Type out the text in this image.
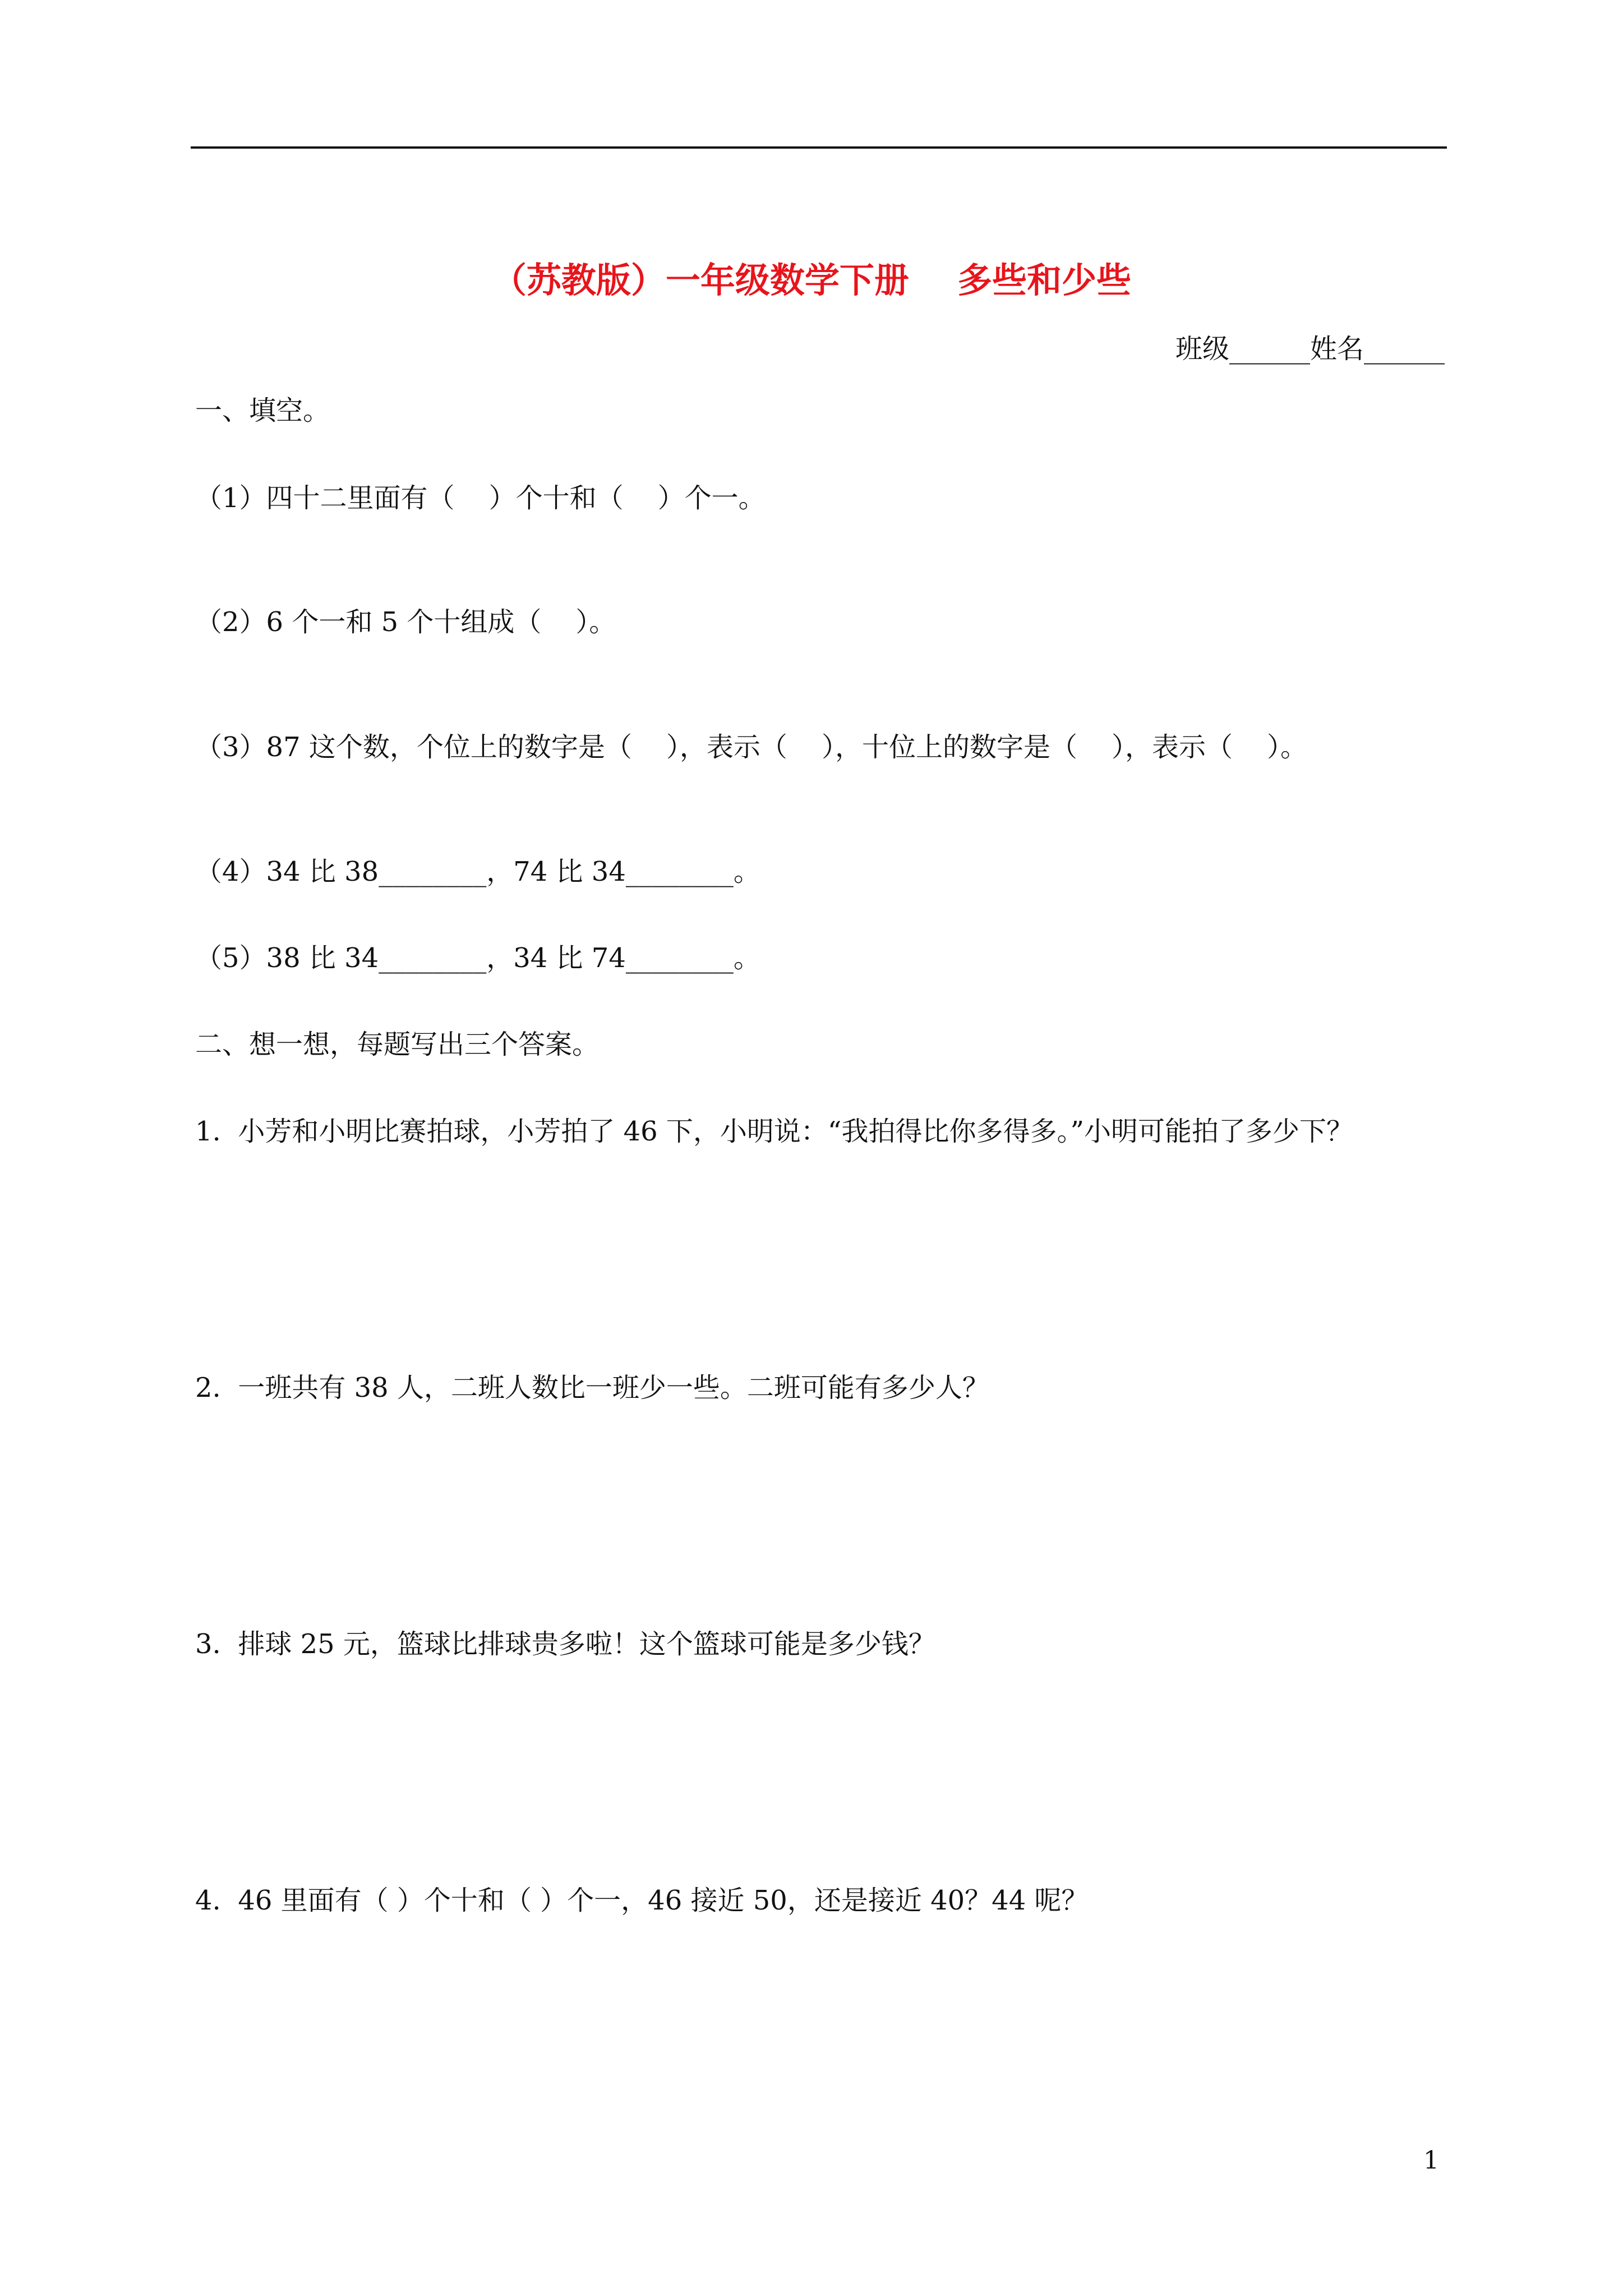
（苏教版）一年级数学下册    多些和少些
班级______姓名______
一、填空。
（1）四十二里面有（    ）个十和（    ）个一。
（2）6 个一和 5 个十组成（    ）。
（3）87 这个数，个位上的数字是（    ），表示（    ），十位上的数字是（    ），表示（    ）。
（4）34 比 38________，74 比 34________。
（5）38 比 34________，34 比 74________。
二、想一想，每题写出三个答案。
1.  小芳和小明比赛拍球，小芳拍了 46 下，小明说：“我拍得比你多得多。”小明可能拍了多少下？
2.  一班共有 38 人，二班人数比一班少一些。二班可能有多少人？
3.  排球 25 元，篮球比排球贵多啦！这个篮球可能是多少钱？
4.  46 里面有（ ）个十和（ ）个一，46 接近 50，还是接近 40？44 呢？
1
